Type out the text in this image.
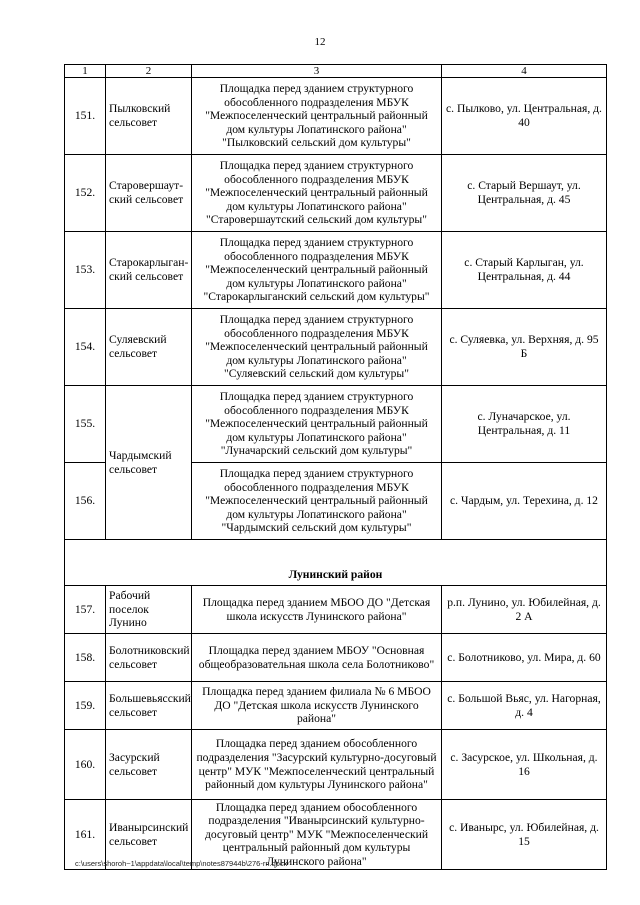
12
1	2	3	4
151.	Пылковский сельсовет	Площадка перед зданием структурного обособленного подразделения МБУК "Межпоселенческий центральный районный дом культуры Лопатинского района" "Пылковский сельский дом культуры"	с. Пылково, ул. Центральная, д. 40
152.	Старовершаутский сельсовет	Площадка перед зданием структурного обособленного подразделения МБУК "Межпоселенческий центральный районный дом культуры Лопатинского района" "Старовершаутский сельский дом культуры"	с. Старый Вершаут, ул. Центральная, д. 45
153.	Старокарлыганский сельсовет	Площадка перед зданием структурного обособленного подразделения МБУК "Межпоселенческий центральный районный дом культуры Лопатинского района" "Старокарлыганский сельский дом культуры"	с. Старый Карлыган, ул. Центральная, д. 44
154.	Суляевский сельсовет	Площадка перед зданием структурного обособленного подразделения МБУК "Межпоселенческий центральный районный дом культуры Лопатинского района" "Суляевский сельский дом культуры"	с. Суляевка, ул. Верхняя, д. 95 Б
155.	Чардымский сельсовет	Площадка перед зданием структурного обособленного подразделения МБУК "Межпоселенческий центральный районный дом культуры Лопатинского района" "Луначарский сельский дом культуры"	с. Луначарское, ул. Центральная, д. 11
156.		Площадка перед зданием структурного обособленного подразделения МБУК "Межпоселенческий центральный районный дом культуры Лопатинского района" "Чардымский сельский дом культуры"	с. Чардым, ул. Терехина, д. 12
Лунинский район			
157.	Рабочий поселок Лунино	Площадка перед зданием МБОО ДО "Детская школа искусств Лунинского района"	р.п. Лунино, ул. Юбилейная, д. 2 А
158.	Болотниковский сельсовет	Площадка перед зданием МБОУ "Основная общеобразовательная школа села Болотниково"	с. Болотниково, ул. Мира, д. 60
159.	Большевьясский сельсовет	Площадка перед зданием филиала № 6 МБОО ДО "Детская школа искусств Лунинского района"	с. Большой Вьяс, ул. Нагорная, д. 4
160.	Засурский сельсовет	Площадка перед зданием обособленного подразделения "Засурский культурно-досуговый центр" МУК "Межпоселенческий центральный районный дом культуры Лунинского района"	с. Засурское, ул. Школьная, д. 16
161.	Иваныpсинский сельсовет	Площадка перед зданием обособленного подразделения "Иваныpсинский культурно-досуговый центр" МУК "Межпоселенческий центральный районный дом культуры Лунинского района"	с. Иваныpс, ул. Юбилейная, д. 15
c:\users\shoroh~1\appdata\local\temp\notes87944b\276-rn.docx
